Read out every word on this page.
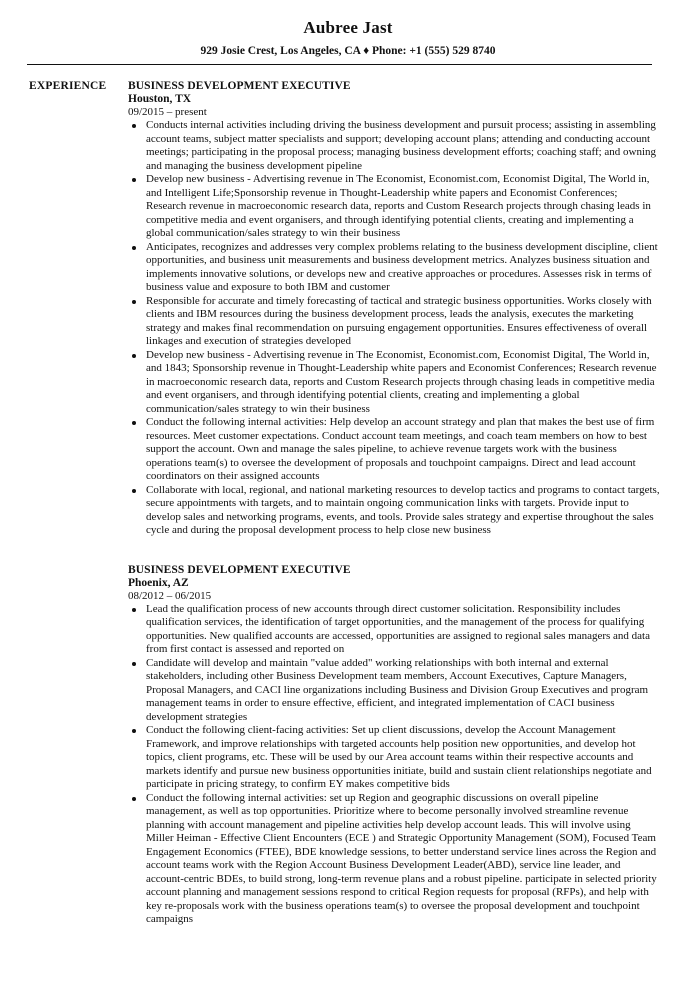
Aubree Jast
929 Josie Crest, Los Angeles, CA ♦ Phone: +1 (555) 529 8740
EXPERIENCE BUSINESS DEVELOPMENT EXECUTIVE
Houston, TX
09/2015 – present
Conducts internal activities including driving the business development and pursuit process; assisting in assembling account teams, subject matter specialists and support; developing account plans; attending and conducting account meetings; participating in the proposal process; managing business development efforts; coaching staff; and owning and managing the business development pipeline
Develop new business - Advertising revenue in The Economist, Economist.com, Economist Digital, The World in, and Intelligent Life;Sponsorship revenue in Thought-Leadership white papers and Economist Conferences; Research revenue in macroeconomic research data, reports and Custom Research projects through chasing leads in competitive media and event organisers, and through identifying potential clients, creating and implementing a global communication/sales strategy to win their business
Anticipates, recognizes and addresses very complex problems relating to the business development discipline, client opportunities, and business unit measurements and business development metrics. Analyzes business situation and implements innovative solutions, or develops new and creative approaches or procedures. Assesses risk in terms of business value and exposure to both IBM and customer
Responsible for accurate and timely forecasting of tactical and strategic business opportunities. Works closely with clients and IBM resources during the business development process, leads the analysis, executes the marketing strategy and makes final recommendation on pursuing engagement opportunities. Ensures effectiveness of overall linkages and execution of strategies developed
Develop new business - Advertising revenue in The Economist, Economist.com, Economist Digital, The World in, and 1843; Sponsorship revenue in Thought-Leadership white papers and Economist Conferences; Research revenue in macroeconomic research data, reports and Custom Research projects through chasing leads in competitive media and event organisers, and through identifying potential clients, creating and implementing a global communication/sales strategy to win their business
Conduct the following internal activities: Help develop an account strategy and plan that makes the best use of firm resources. Meet customer expectations. Conduct account team meetings, and coach team members on how to best support the account. Own and manage the sales pipeline, to achieve revenue targets work with the business operations team(s) to oversee the development of proposals and touchpoint campaigns. Direct and lead account coordinators on their assigned accounts
Collaborate with local, regional, and national marketing resources to develop tactics and programs to contact targets, secure appointments with targets, and to maintain ongoing communication links with targets. Provide input to develop sales and networking programs, events, and tools. Provide sales strategy and expertise throughout the sales cycle and during the proposal development process to help close new business
BUSINESS DEVELOPMENT EXECUTIVE
Phoenix, AZ
08/2012 – 06/2015
Lead the qualification process of new accounts through direct customer solicitation. Responsibility includes qualification services, the identification of target opportunities, and the management of the process for qualifying opportunities. New qualified accounts are accessed, opportunities are assigned to regional sales managers and data from first contact is assessed and reported on
Candidate will develop and maintain "value added" working relationships with both internal and external stakeholders, including other Business Development team members, Account Executives, Capture Managers, Proposal Managers, and CACI line organizations including Business and Division Group Executives and program management teams in order to ensure effective, efficient, and integrated implementation of CACI business development strategies
Conduct the following client-facing activities: Set up client discussions, develop the Account Management Framework, and improve relationships with targeted accounts help position new opportunities, and develop hot topics, client programs, etc. These will be used by our Area account teams within their respective accounts and markets identify and pursue new business opportunities initiate, build and sustain client relationships negotiate and participate in pricing strategy, to confirm EY makes competitive bids
Conduct the following internal activities: set up Region and geographic discussions on overall pipeline management, as well as top opportunities. Prioritize where to become personally involved streamline revenue planning with account management and pipeline activities help develop account leads. This will involve using Miller Heiman - Effective Client Encounters (ECE ) and Strategic Opportunity Management (SOM), Focused Team Engagement Economics (FTEE), BDE knowledge sessions, to better understand service lines across the Region and account teams work with the Region Account Business Development Leader(ABD), service line leader, and account-centric BDEs, to build strong, long-term revenue plans and a robust pipeline. participate in selected priority account planning and management sessions respond to critical Region requests for proposal (RFPs), and help with key re-proposals work with the business operations team(s) to oversee the proposal development and touchpoint campaigns
